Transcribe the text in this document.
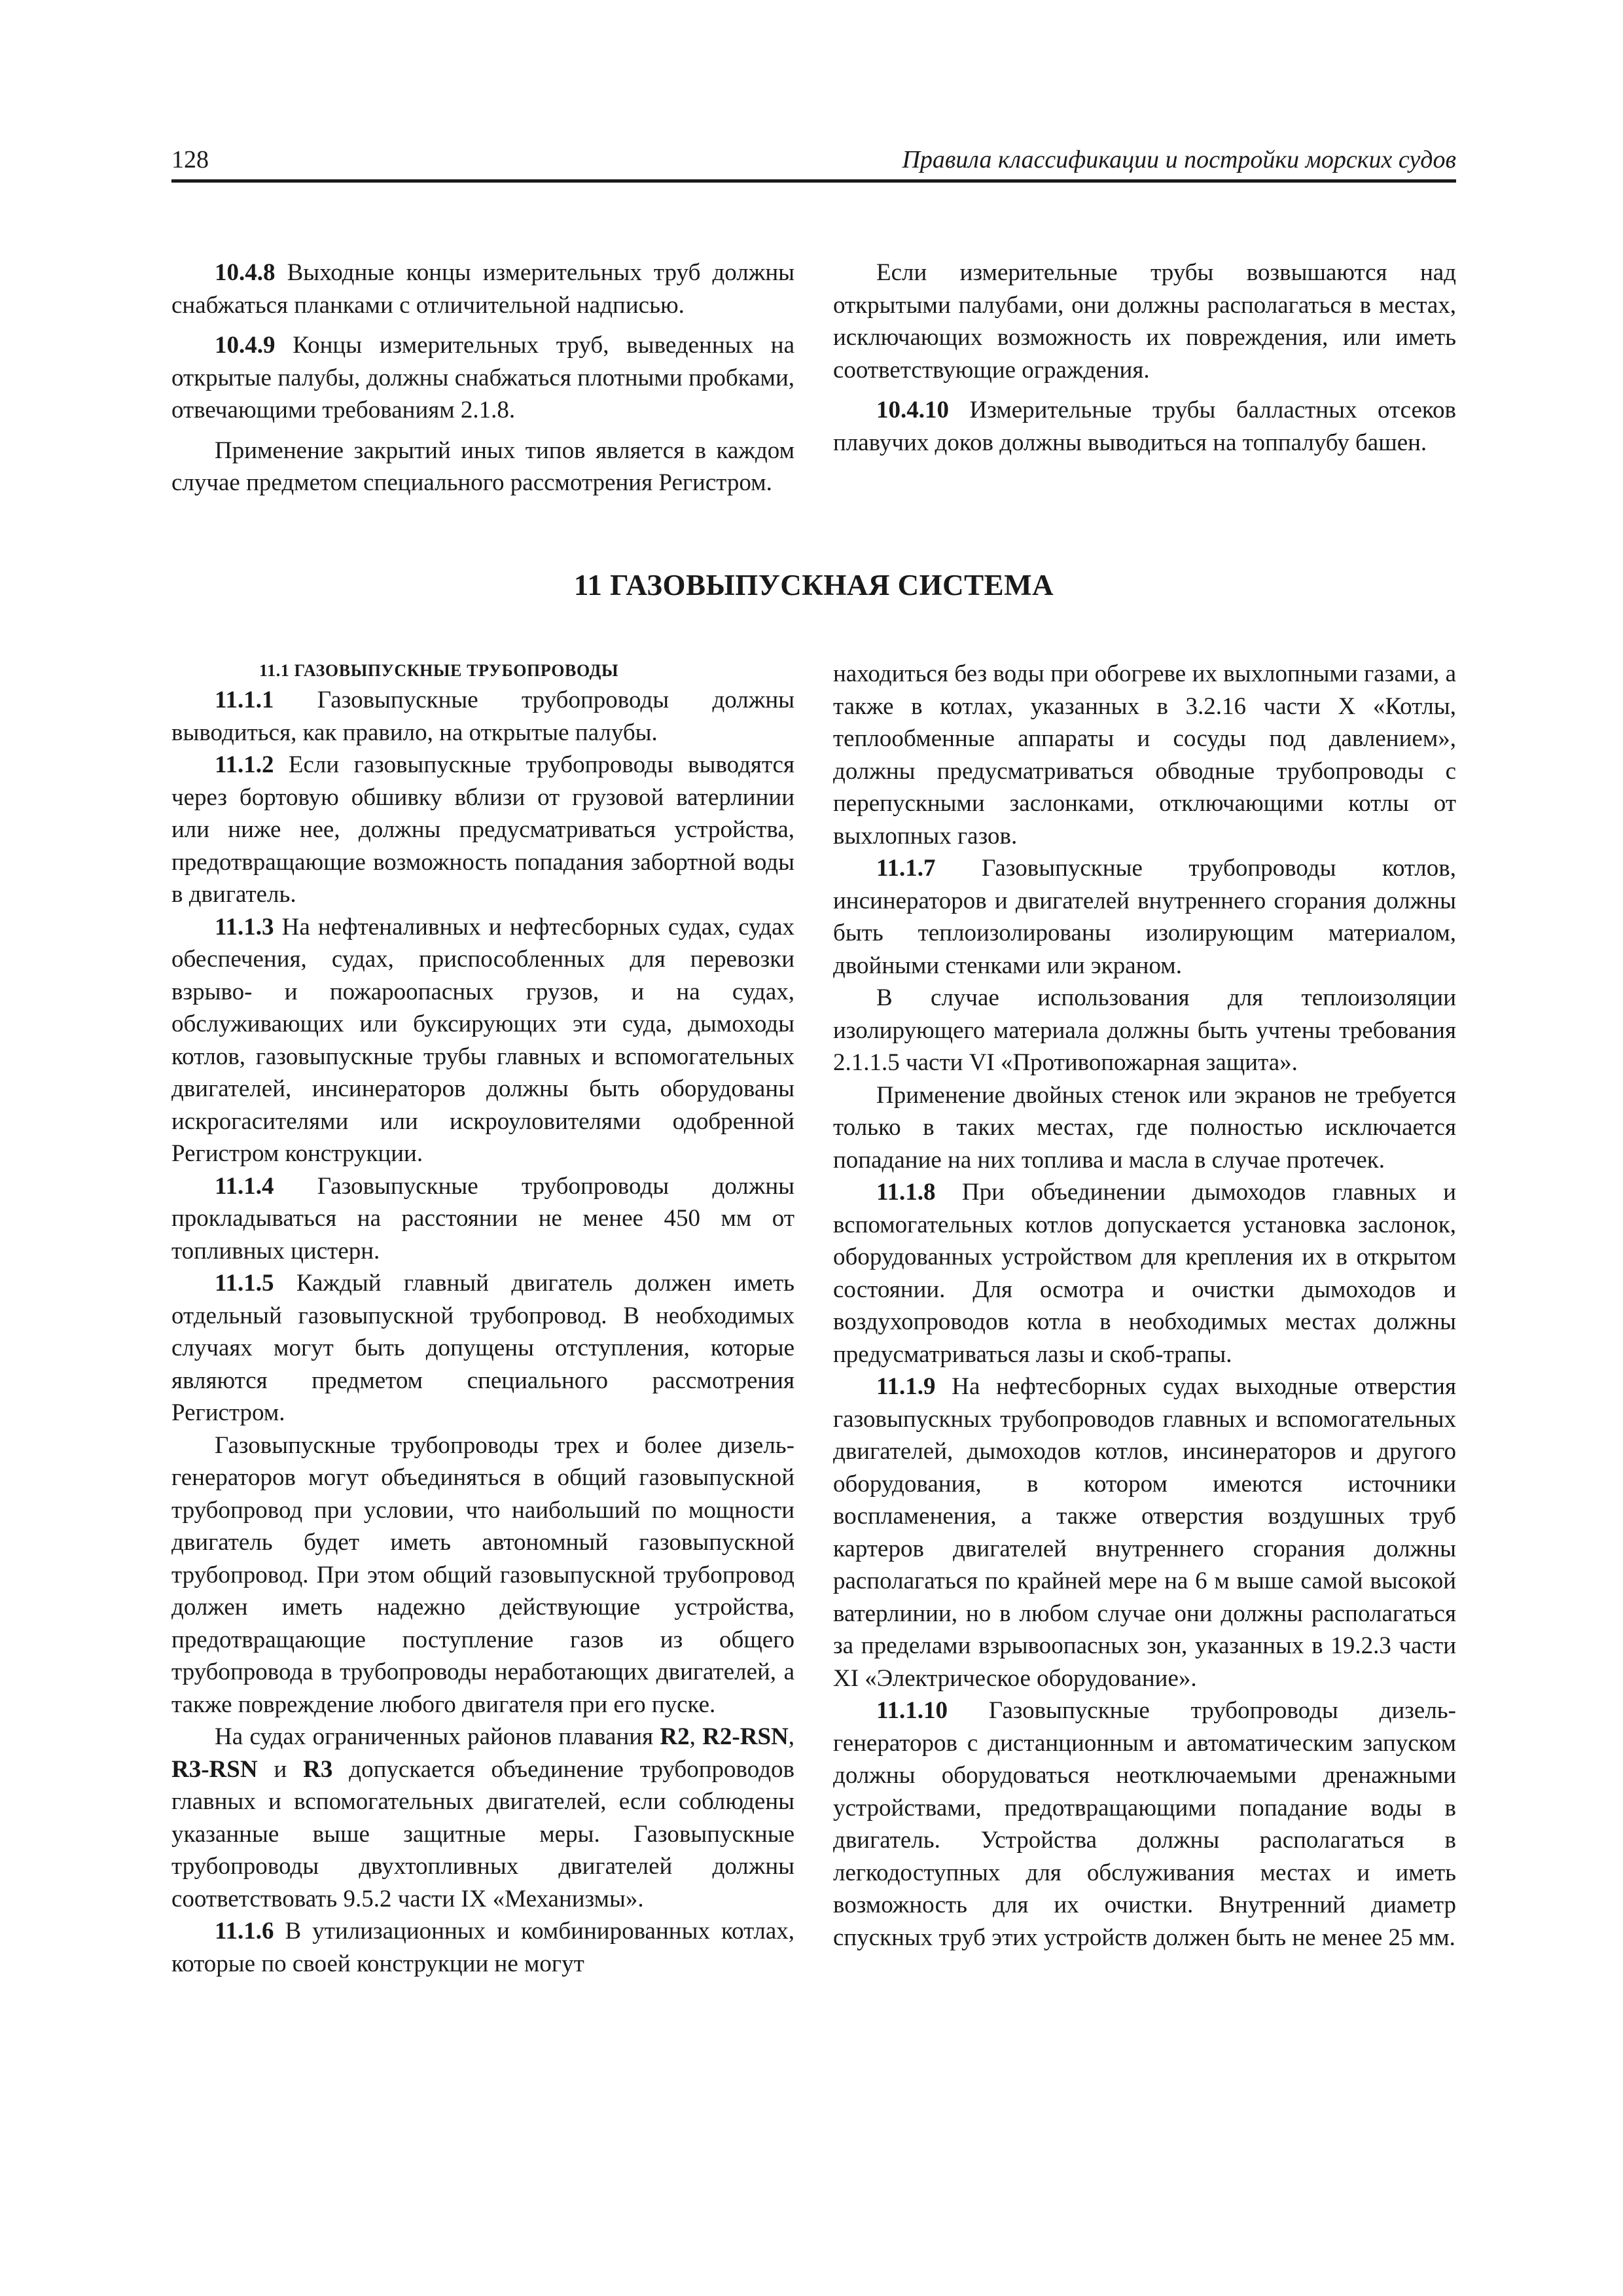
128	Правила классификации и постройки морских судов

10.4.8 Выходные концы измерительных труб должны снабжаться планками с отличительной надписью.

10.4.9 Концы измерительных труб, выведенных на открытые палубы, должны снабжаться плотными пробками, отвечающими требованиям 2.1.8.

Применение закрытий иных типов является в каждом случае предметом специального рассмотрения Регистром.

Если измерительные трубы возвышаются над открытыми палубами, они должны располагаться в местах, исключающих возможность их повреждения, или иметь соответствующие ограждения.

10.4.10 Измерительные трубы балластных отсеков плавучих доков должны выводиться на топпалубу башен.

11 ГАЗОВЫПУСКНАЯ СИСТЕМА

11.1 ГАЗОВЫПУСКНЫЕ ТРУБОПРОВОДЫ

11.1.1 Газовыпускные трубопроводы должны выводиться, как правило, на открытые палубы.

11.1.2 Если газовыпускные трубопроводы выводятся через бортовую обшивку вблизи от грузовой ватерлинии или ниже нее, должны предусматриваться устройства, предотвращающие возможность попадания забортной воды в двигатель.

11.1.3 На нефтеналивных и нефтесборных судах, судах обеспечения, судах, приспособленных для перевозки взрыво- и пожароопасных грузов, и на судах, обслуживающих или буксирующих эти суда, дымоходы котлов, газовыпускные трубы главных и вспомогательных двигателей, инсинераторов должны быть оборудованы искрогасителями или искроуловителями одобренной Регистром конструкции.

11.1.4 Газовыпускные трубопроводы должны прокладываться на расстоянии не менее 450 мм от топливных цистерн.

11.1.5 Каждый главный двигатель должен иметь отдельный газовыпускной трубопровод. В необходимых случаях могут быть допущены отступления, которые являются предметом специального рассмотрения Регистром.

Газовыпускные трубопроводы трех и более дизель-генераторов могут объединяться в общий газовыпускной трубопровод при условии, что наибольший по мощности двигатель будет иметь автономный газовыпускной трубопровод. При этом общий газовыпускной трубопровод должен иметь надежно действующие устройства, предотвращающие поступление газов из общего трубопровода в трубопроводы неработающих двигателей, а также повреждение любого двигателя при его пуске.

На судах ограниченных районов плавания R2, R2-RSN, R3-RSN и R3 допускается объединение трубопроводов главных и вспомогательных двигателей, если соблюдены указанные выше защитные меры. Газовыпускные трубопроводы двухтопливных двигателей должны соответствовать 9.5.2 части IX «Механизмы».

11.1.6 В утилизационных и комбинированных котлах, которые по своей конструкции не могут

находиться без воды при обогреве их выхлопными газами, а также в котлах, указанных в 3.2.16 части X «Котлы, теплообменные аппараты и сосуды под давлением», должны предусматриваться обводные трубопроводы с перепускными заслонками, отключающими котлы от выхлопных газов.

11.1.7 Газовыпускные трубопроводы котлов, инсинераторов и двигателей внутреннего сгорания должны быть теплоизолированы изолирующим материалом, двойными стенками или экраном.

В случае использования для теплоизоляции изолирующего материала должны быть учтены требования 2.1.1.5 части VI «Противопожарная защита».

Применение двойных стенок или экранов не требуется только в таких местах, где полностью исключается попадание на них топлива и масла в случае протечек.

11.1.8 При объединении дымоходов главных и вспомогательных котлов допускается установка заслонок, оборудованных устройством для крепления их в открытом состоянии. Для осмотра и очистки дымоходов и воздухопроводов котла в необходимых местах должны предусматриваться лазы и скоб-трапы.

11.1.9 На нефтесборных судах выходные отверстия газовыпускных трубопроводов главных и вспомогательных двигателей, дымоходов котлов, инсинераторов и другого оборудования, в котором имеются источники воспламенения, а также отверстия воздушных труб картеров двигателей внутреннего сгорания должны располагаться по крайней мере на 6 м выше самой высокой ватерлинии, но в любом случае они должны располагаться за пределами взрывоопасных зон, указанных в 19.2.3 части XI «Электрическое оборудование».

11.1.10 Газовыпускные трубопроводы дизель-генераторов с дистанционным и автоматическим запуском должны оборудоваться неотключаемыми дренажными устройствами, предотвращающими попадание воды в двигатель. Устройства должны располагаться в легкодоступных для обслуживания местах и иметь возможность для их очистки. Внутренний диаметр спускных труб этих устройств должен быть не менее 25 мм.
